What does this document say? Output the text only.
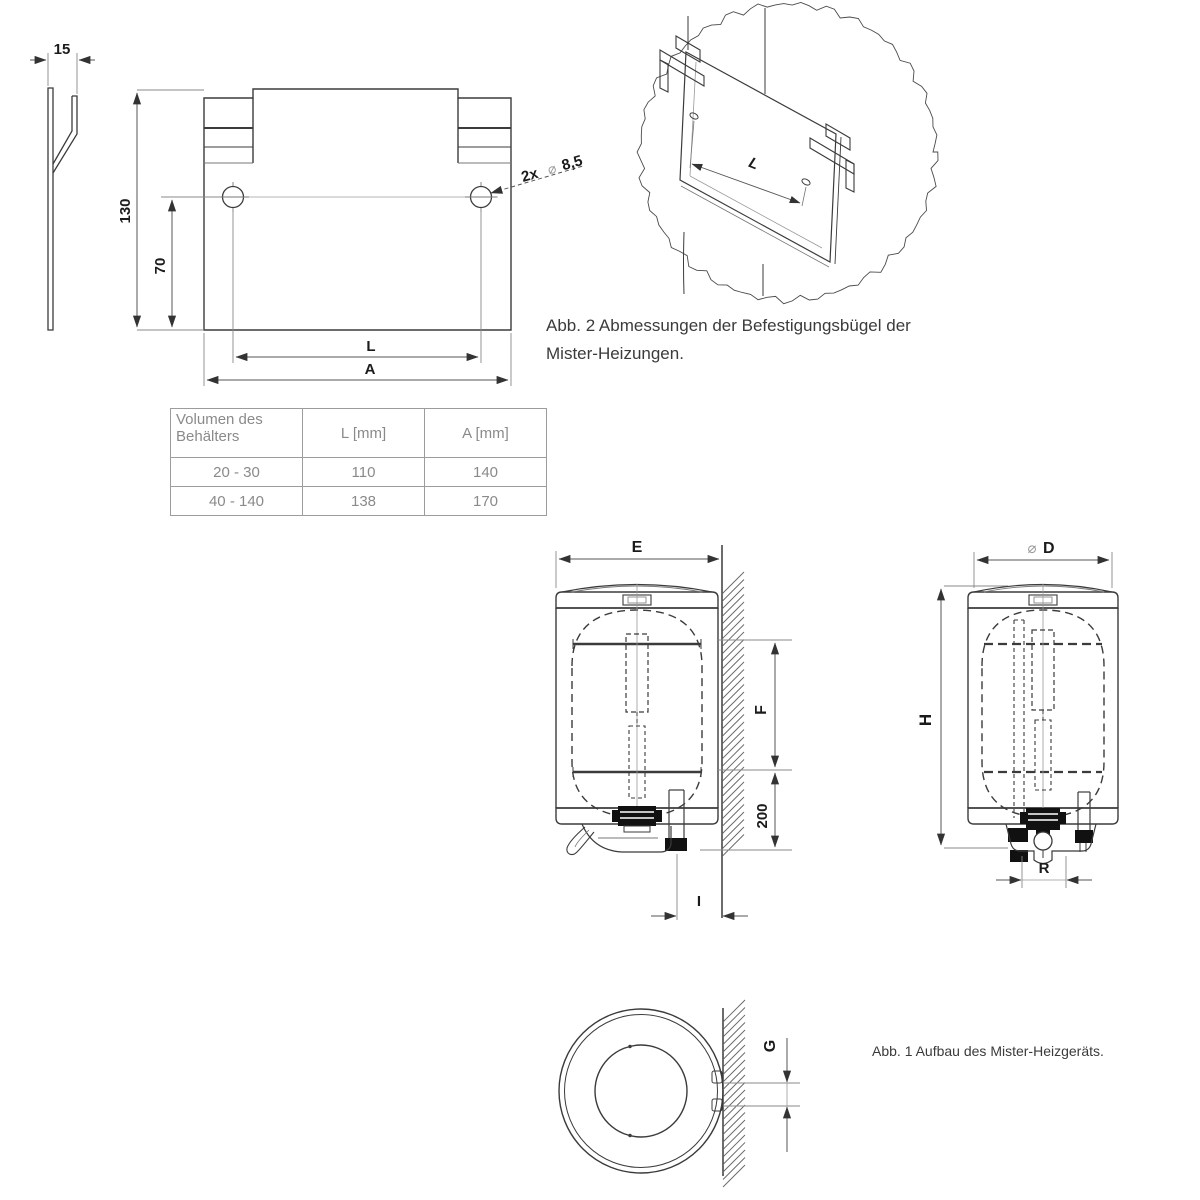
15
130
70
L
A
2x ⌀ 8,5	L
E
F
200
I
⌀ D
H
R
G
Volumen des Behälters	L [mm]	A [mm]
20 - 30	110	140
40 - 140	138	170
Abb. 2 Abmessungen der Befestigungsbügel der Mister-Heizungen.
Abb. 1 Aufbau des Mister-Heizgeräts.
